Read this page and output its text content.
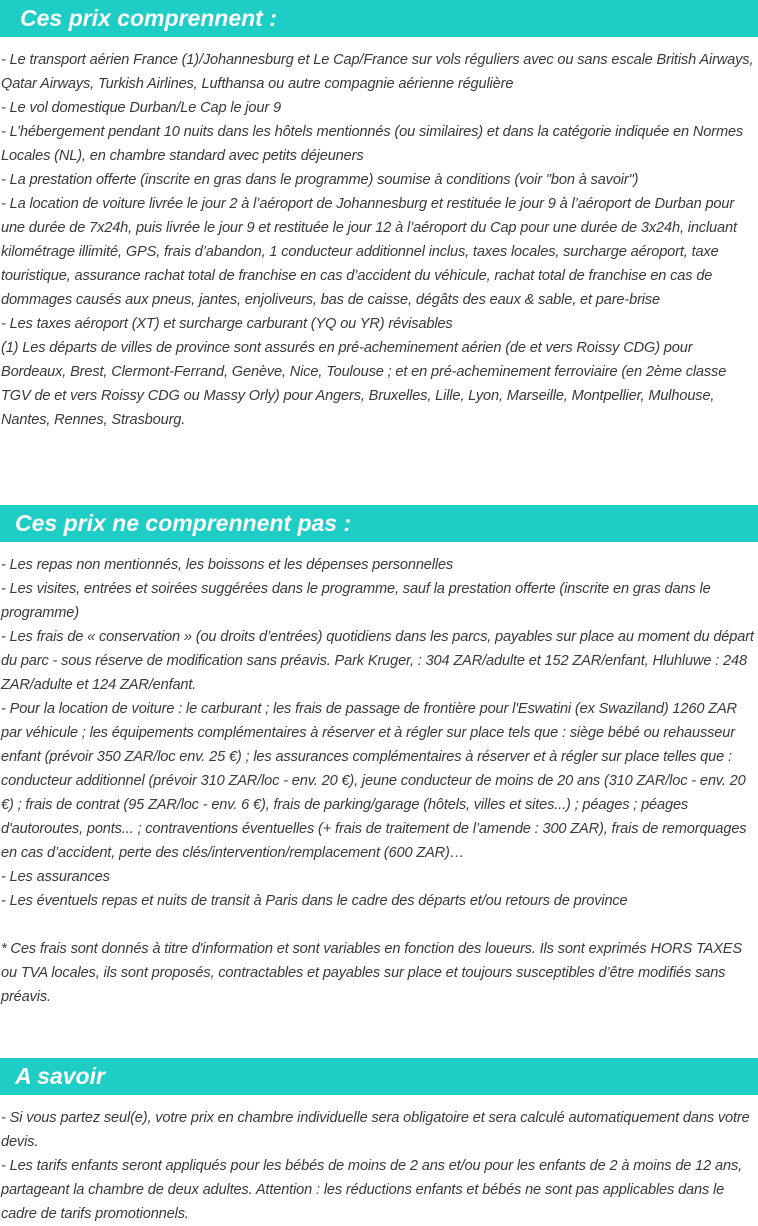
Ces prix comprennent :
- Le transport aérien France (1)/Johannesburg et Le Cap/France sur vols réguliers avec ou sans escale British Airways, Qatar Airways, Turkish Airlines, Lufthansa ou autre compagnie aérienne régulière
- Le vol domestique Durban/Le Cap le jour 9
- L’hébergement pendant 10 nuits dans les hôtels mentionnés (ou similaires) et dans la catégorie indiquée en Normes Locales (NL), en chambre standard avec petits déjeuners
- La prestation offerte (inscrite en gras dans le programme) soumise à conditions (voir "bon à savoir")
- La location de voiture livrée le jour 2 à l’aéroport de Johannesburg et restituée le jour 9 à l’aéroport de Durban pour une durée de 7x24h, puis livrée le jour 9 et restituée le jour 12 à l’aéroport du Cap pour une durée de 3x24h, incluant kilométrage illimité, GPS, frais d’abandon, 1 conducteur additionnel inclus, taxes locales, surcharge aéroport, taxe touristique, assurance rachat total de franchise en cas d’accident du véhicule, rachat total de franchise en cas de dommages causés aux pneus, jantes, enjoliveurs, bas de caisse, dégâts des eaux & sable, et pare-brise
- Les taxes aéroport (XT) et surcharge carburant (YQ ou YR) révisables
(1) Les départs de villes de province sont assurés en pré-acheminement aérien (de et vers Roissy CDG) pour Bordeaux, Brest, Clermont-Ferrand, Genève, Nice, Toulouse ; et en pré-acheminement ferroviaire (en 2ème classe TGV de et vers Roissy CDG ou Massy Orly) pour Angers, Bruxelles, Lille, Lyon, Marseille, Montpellier, Mulhouse, Nantes, Rennes, Strasbourg.
Ces prix ne comprennent pas :
- Les repas non mentionnés, les boissons et les dépenses personnelles
- Les visites, entrées et soirées suggérées dans le programme, sauf la prestation offerte (inscrite en gras dans le programme)
- Les frais de « conservation » (ou droits d’entrées) quotidiens dans les parcs, payables sur place au moment du départ du parc - sous réserve de modification sans préavis. Park Kruger, : 304 ZAR/adulte et 152 ZAR/enfant, Hluhluwe : 248 ZAR/adulte et 124 ZAR/enfant.
- Pour la location de voiture : le carburant ; les frais de passage de frontière pour l'Eswatini (ex Swaziland) 1260 ZAR par véhicule ; les équipements complémentaires à réserver et à régler sur place tels que : siège bébé ou rehausseur enfant (prévoir 350 ZAR/loc env. 25 €) ; les assurances complémentaires à réserver et à régler sur place telles que : conducteur additionnel (prévoir 310 ZAR/loc - env. 20 €), jeune conducteur de moins de 20 ans (310 ZAR/loc - env. 20 €) ; frais de contrat (95 ZAR/loc - env. 6 €), frais de parking/garage (hôtels, villes et sites...) ; péages ; péages d'autoroutes, ponts... ; contraventions éventuelles (+ frais de traitement de l’amende : 300 ZAR), frais de remorquages en cas d’accident, perte des clés/intervention/remplacement (600 ZAR)…
- Les assurances
- Les éventuels repas et nuits de transit à Paris dans le cadre des départs et/ou retours de province

* Ces frais sont donnés à titre d'information et sont variables en fonction des loueurs. Ils sont exprimés HORS TAXES ou TVA locales, ils sont proposés, contractables et payables sur place et toujours susceptibles d’être modifiés sans préavis.

A savoir
- Si vous partez seul(e), votre prix en chambre individuelle sera obligatoire et sera calculé automatiquement dans votre devis.
- Les tarifs enfants seront appliqués pour les bébés de moins de 2 ans et/ou pour les enfants de 2 à moins de 12 ans, partageant la chambre de deux adultes. Attention : les réductions enfants et bébés ne sont pas applicables dans le cadre de tarifs promotionnels.
